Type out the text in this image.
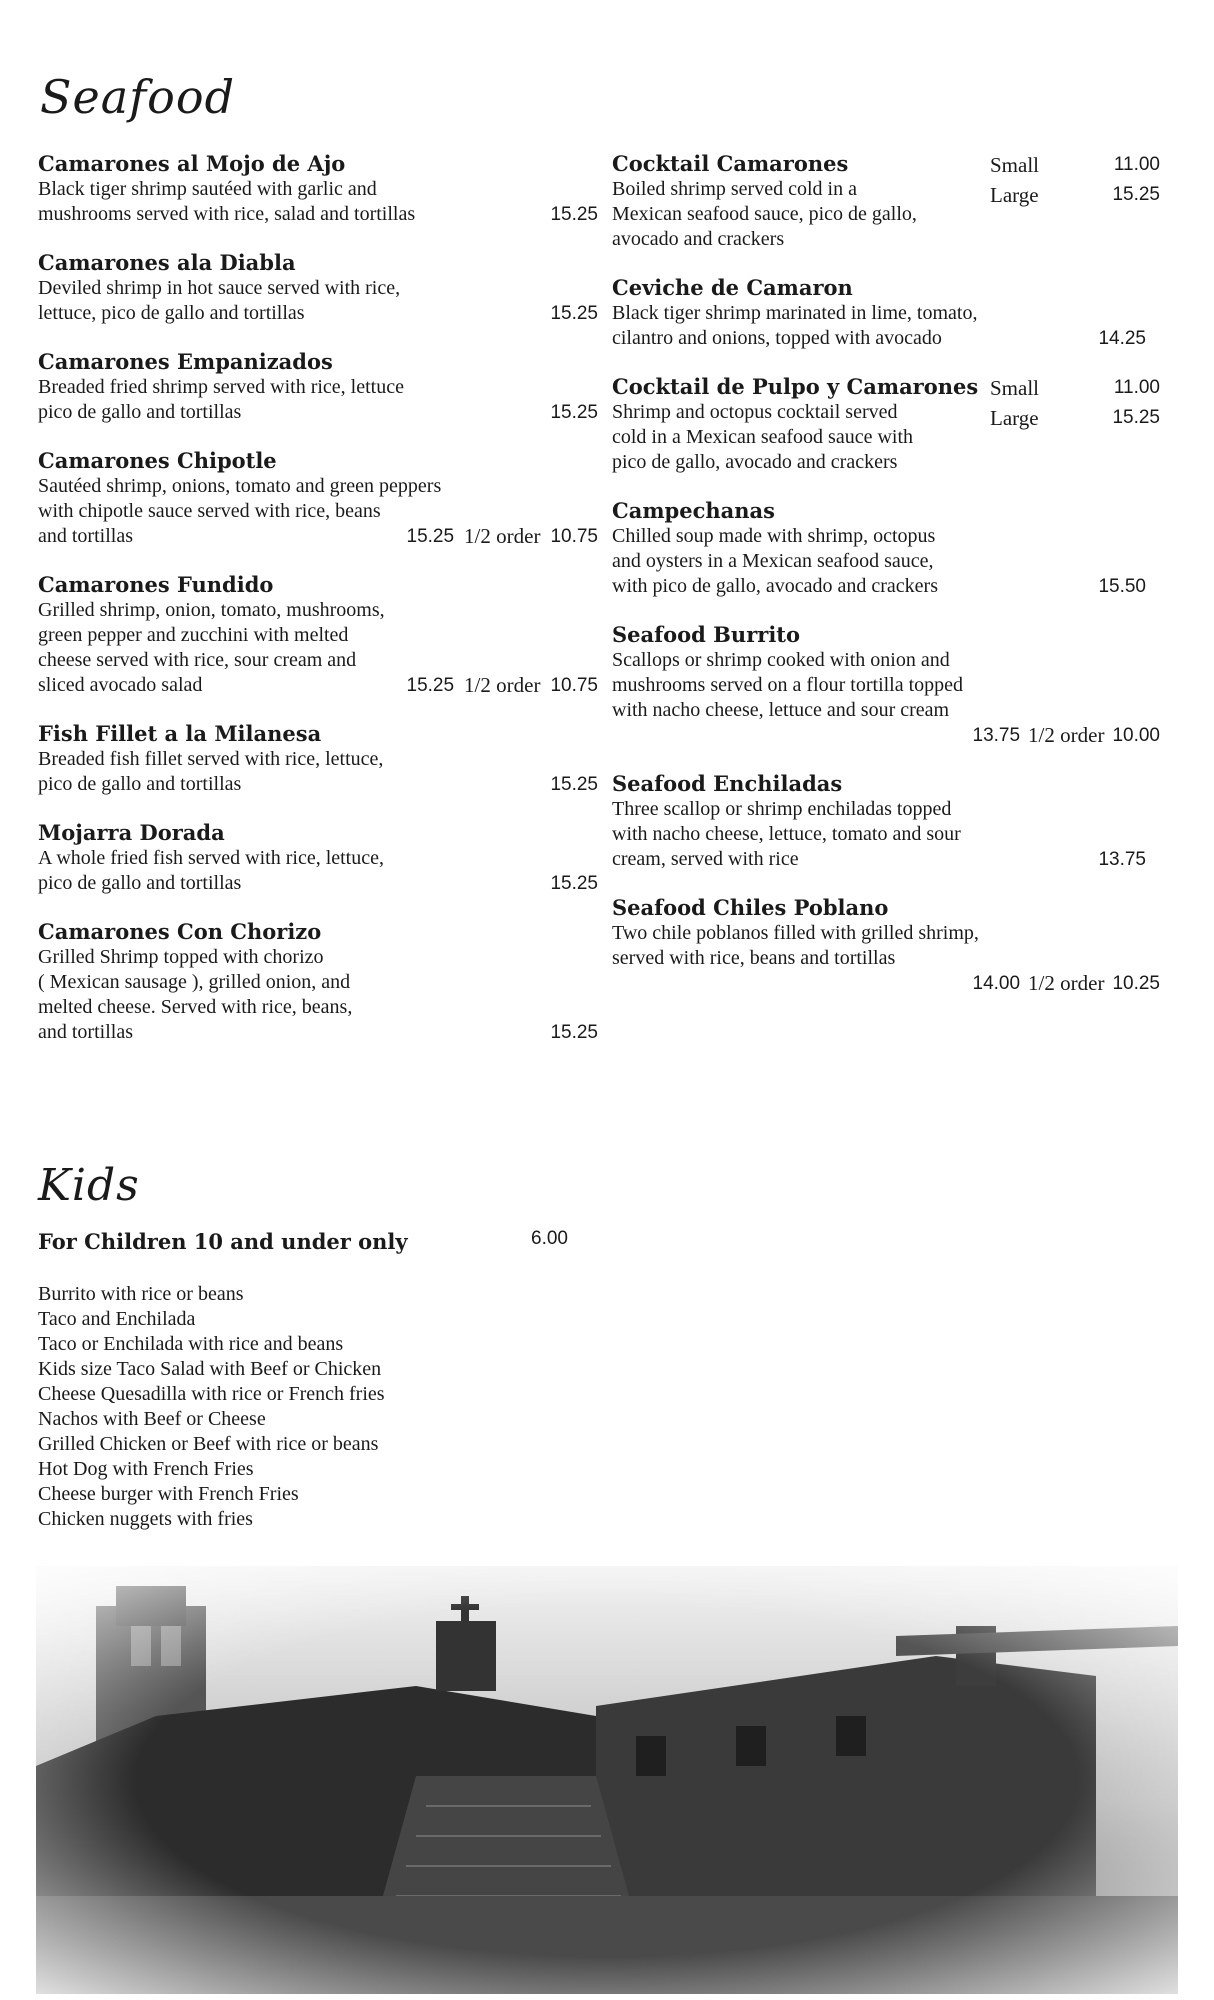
Seafood
Camarones al Mojo de Ajo
Black tiger shrimp sautéed with garlic and
mushrooms served with rice, salad and tortillas	15.25
Camarones ala Diabla
Deviled shrimp in hot sauce served with rice,
lettuce, pico de gallo and tortillas	15.25
Camarones Empanizados
Breaded fried shrimp served with rice, lettuce
pico de gallo and tortillas	15.25
Camarones Chipotle
Sautéed shrimp, onions, tomato and green peppers
with chipotle sauce served with rice, beans
and tortillas	15.25 1/2 order 10.75
Camarones Fundido
Grilled shrimp, onion, tomato, mushrooms,
green pepper and zucchini with melted
cheese served with rice, sour cream and
sliced avocado salad	15.25 1/2 order 10.75
Fish Fillet a la Milanesa
Breaded fish fillet served with rice, lettuce,
pico de gallo and tortillas	15.25
Mojarra Dorada
A whole fried fish served with rice, lettuce,
pico de gallo and tortillas	15.25
Camarones Con Chorizo
Grilled Shrimp topped with chorizo
( Mexican sausage ), grilled onion, and
melted cheese. Served with rice, beans,
and tortillas	15.25
Cocktail Camarones
Boiled shrimp served cold in a
Mexican seafood sauce, pico de gallo,
avocado and crackers
Small	11.00
Large	15.25
Ceviche de Camaron
Black tiger shrimp marinated in lime, tomato,
cilantro and onions, topped with avocado	14.25
Cocktail de Pulpo y Camarones
Shrimp and octopus cocktail served
cold in a Mexican seafood sauce with
pico de gallo, avocado and crackers
Small	11.00
Large	15.25
Campechanas
Chilled soup made with shrimp, octopus
and oysters in a Mexican seafood sauce,
with pico de gallo, avocado and crackers	15.50
Seafood Burrito
Scallops or shrimp cooked with onion and
mushrooms served on a flour tortilla topped
with nacho cheese, lettuce and sour cream
13.75 1/2 order 10.00
Seafood Enchiladas
Three scallop or shrimp enchiladas topped
with nacho cheese, lettuce, tomato and sour
cream, served with rice	13.75
Seafood Chiles Poblano
Two chile poblanos filled with grilled shrimp,
served with rice, beans and tortillas
14.00 1/2 order 10.25
Kids
For Children 10 and under only	6.00
Burrito with rice or beans
Taco and Enchilada
Taco or Enchilada with rice and beans
Kids size Taco Salad with Beef or Chicken
Cheese Quesadilla with rice or French fries
Nachos with Beef or Cheese
Grilled Chicken or Beef with rice or beans
Hot Dog with French Fries
Cheese burger with French Fries
Chicken nuggets with fries
